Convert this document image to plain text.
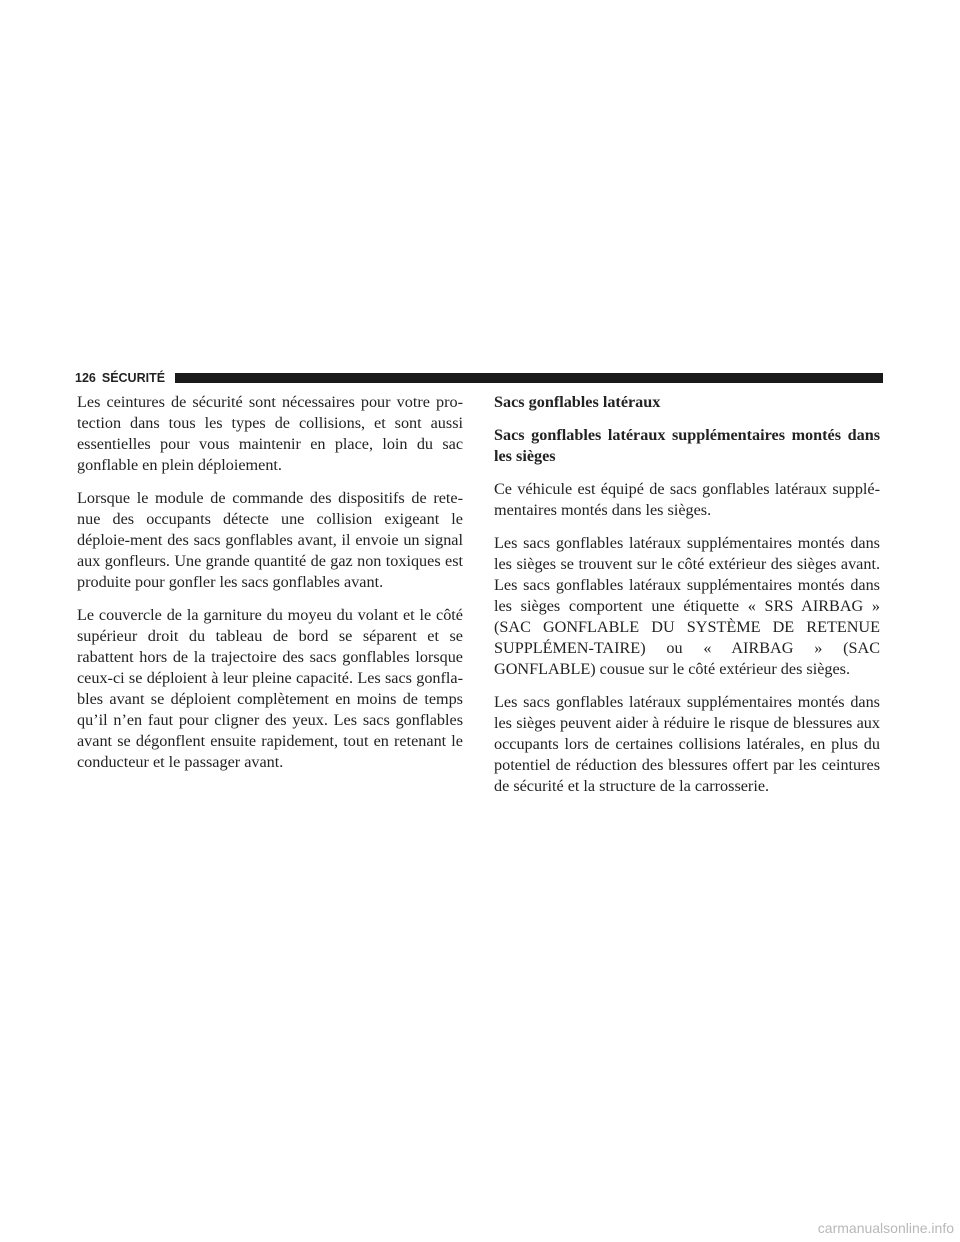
126 SÉCURITÉ

Les ceintures de sécurité sont nécessaires pour votre pro-tection dans tous les types de collisions, et sont aussi essentielles pour vous maintenir en place, loin du sac gonflable en plein déploiement.

Lorsque le module de commande des dispositifs de rete-nue des occupants détecte une collision exigeant le déploie-ment des sacs gonflables avant, il envoie un signal aux gonfleurs. Une grande quantité de gaz non toxiques est produite pour gonfler les sacs gonflables avant.

Le couvercle de la garniture du moyeu du volant et le côté supérieur droit du tableau de bord se séparent et se rabattent hors de la trajectoire des sacs gonflables lorsque ceux-ci se déploient à leur pleine capacité. Les sacs gonfla-bles avant se déploient complètement en moins de temps qu’il n’en faut pour cligner des yeux. Les sacs gonflables avant se dégonflent ensuite rapidement, tout en retenant le conducteur et le passager avant.

Sacs gonflables latéraux
Sacs gonflables latéraux supplémentaires montés dans les sièges

Ce véhicule est équipé de sacs gonflables latéraux supplé-mentaires montés dans les sièges.

Les sacs gonflables latéraux supplémentaires montés dans les sièges se trouvent sur le côté extérieur des sièges avant. Les sacs gonflables latéraux supplémentaires montés dans les sièges comportent une étiquette « SRS AIRBAG » (SAC GONFLABLE DU SYSTÈME DE RETENUE SUPPLÉMEN-TAIRE) ou « AIRBAG » (SAC GONFLABLE) cousue sur le côté extérieur des sièges.

Les sacs gonflables latéraux supplémentaires montés dans les sièges peuvent aider à réduire le risque de blessures aux occupants lors de certaines collisions latérales, en plus du potentiel de réduction des blessures offert par les ceintures de sécurité et la structure de la carrosserie.

carmanualsonline.info
